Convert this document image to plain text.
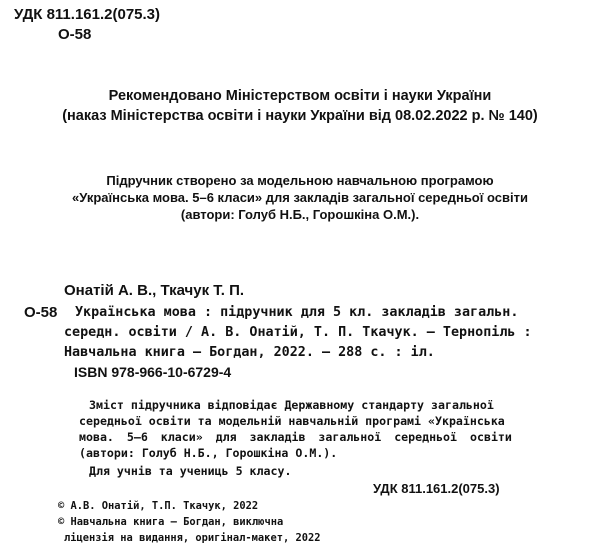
УДК 811.161.2(075.3)
О-58
Рекомендовано Міністерством освіти і науки України
(наказ Міністерства освіти і науки України від 08.02.2022 р. № 140)
Підручник створено за модельною навчальною програмою
«Українська мова. 5–6 класи» для закладів загальної середньої освіти
(автори: Голуб Н.Б., Горошкіна О.М.).
Онатій А. В., Ткачук Т. П.
О-58 Українська мова : підручник для 5 кл. закладів загальн.
середн. освіти / А. В. Онатій, Т. П. Ткачук. — Тернопіль :
Навчальна книга — Богдан, 2022. — 288 с. : іл.
ISBN 978-966-10-6729-4
Зміст підручника відповідає Державному стандарту загальної
середньої освіти та модельній навчальній програмі «Українська
мова. 5–6 класи» для закладів загальної середньої освіти
(автори: Голуб Н.Б., Горошкіна О.М.).
Для учнів та учениць 5 класу.
УДК 811.161.2(075.3)
© А.В. Онатій, Т.П. Ткачук, 2022
© Навчальна книга — Богдан, виключна
ліцензія на видання, оригінал-макет, 2022
